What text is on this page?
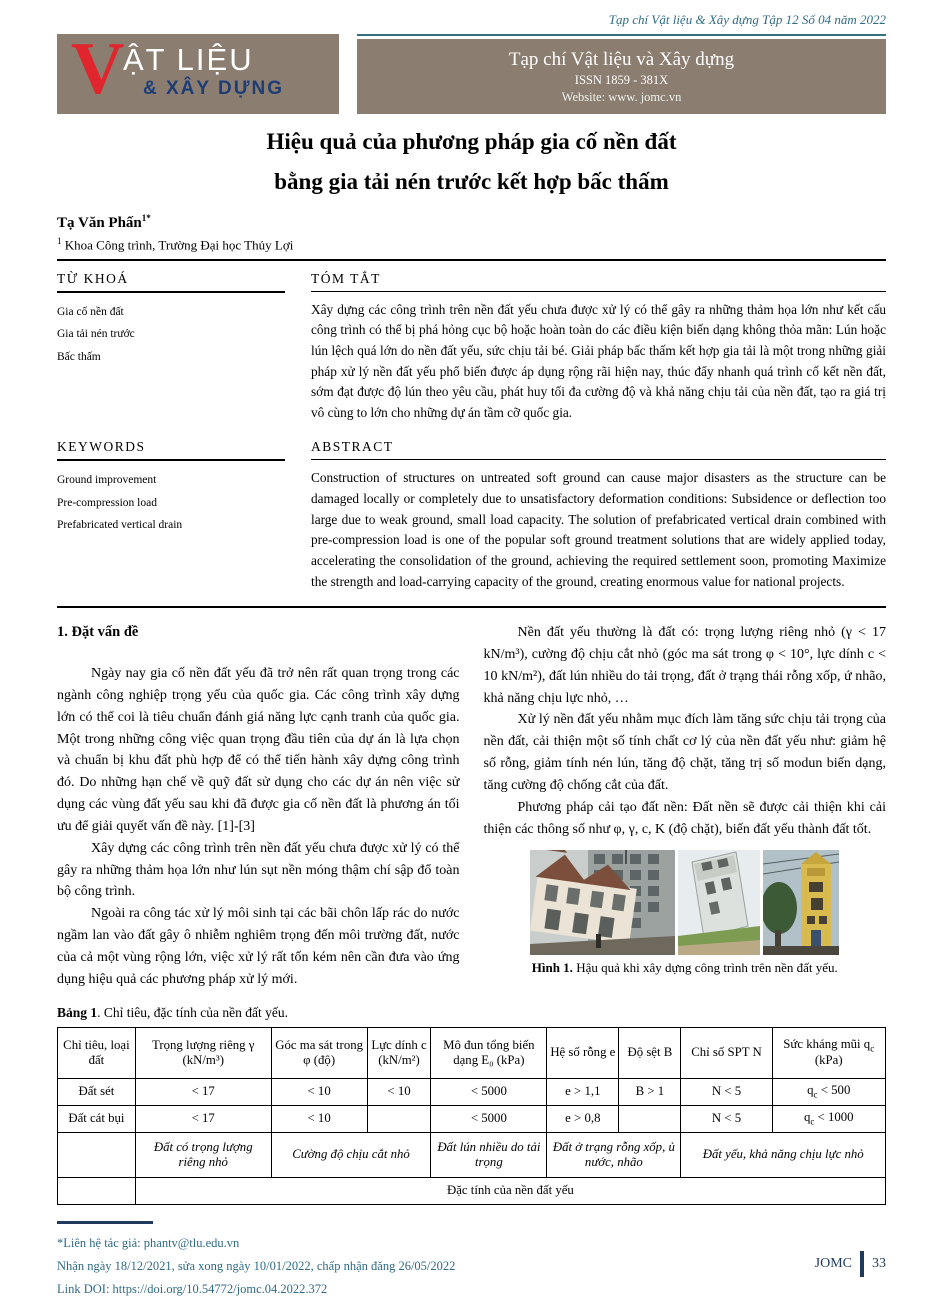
Tạp chí Vật liệu & Xây dựng Tập 12 Số 04 năm 2022
V
ẬT LIỆU
& XÂY DỰNG
Tạp chí Vật liệu và Xây dựng
ISSN 1859 - 381X
Website: www. jomc.vn
Hiệu quả của phương pháp gia cố nền đất
bằng gia tải nén trước kết hợp bấc thấm
Tạ Văn Phấn$^{1*}$
$^1$ Khoa Công trình, Trường Đại học Thủy Lợi
TỪ KHOÁ
Gia cố nền đất
Gia tải nén trước
Bấc thấm
TÓM TẮT
Xây dựng các công trình trên nền đất yếu chưa được xử lý có thể gây ra những thảm họa lớn như kết cấu công trình có thể bị phá hỏng cục bộ hoặc hoàn toàn do các điều kiện biến dạng không thỏa mãn: Lún hoặc lún lệch quá lớn do nền đất yếu, sức chịu tải bé. Giải pháp bấc thấm kết hợp gia tải là một trong những giải pháp xử lý nền đất yếu phổ biến được áp dụng rộng rãi hiện nay, thúc đẩy nhanh quá trình cố kết nền đất, sớm đạt được độ lún theo yêu cầu, phát huy tối đa cường độ và khả năng chịu tải của nền đất, tạo ra giá trị vô cùng to lớn cho những dự án tầm cỡ quốc gia.
KEYWORDS
Ground improvement
Pre-compression load
Prefabricated vertical drain
ABSTRACT
Construction of structures on untreated soft ground can cause major disasters as the structure can be damaged locally or completely due to unsatisfactory deformation conditions: Subsidence or deflection too large due to weak ground, small load capacity. The solution of prefabricated vertical drain combined with pre-compression load is one of the popular soft ground treatment solutions that are widely applied today, accelerating the consolidation of the ground, achieving the required settlement soon, promoting Maximize the strength and load-carrying capacity of the ground, creating enormous value for national projects.
1. Đặt vấn đề

Ngày nay gia cố nền đất yếu đã trở nên rất quan trọng trong các ngành công nghiệp trọng yếu của quốc gia. Các công trình xây dựng lớn có thể coi là tiêu chuẩn đánh giá năng lực cạnh tranh của quốc gia. Một trong những công việc quan trọng đầu tiên của dự án là lựa chọn và chuẩn bị khu đất phù hợp để có thể tiến hành xây dựng công trình đó. Do những hạn chế về quỹ đất sử dụng cho các dự án nên việc sử dụng các vùng đất yếu sau khi đã được gia cố nền đất là phương án tối ưu để giải quyết vấn đề này. [1]-[3]

Xây dựng các công trình trên nền đất yếu chưa được xử lý có thể gây ra những thảm họa lớn như lún sụt nền móng thậm chí sập đổ toàn bộ công trình.

Ngoài ra công tác xử lý môi sinh tại các bãi chôn lấp rác do nước ngầm lan vào đất gây ô nhiễm nghiêm trọng đến môi trường đất, nước của cả một vùng rộng lớn, việc xử lý rất tốn kém nên cần đưa vào ứng dụng hiệu quả các phương pháp xử lý mới.

Nền đất yếu thường là đất có: trọng lượng riêng nhỏ (γ < 17 kN/m³), cường độ chịu cắt nhỏ (góc ma sát trong φ < 10°, lực dính c < 10 kN/m²), đất lún nhiều do tải trọng, đất ở trạng thái rỗng xốp, ứ nhão, khả năng chịu lực nhỏ, …

Xử lý nền đất yếu nhằm mục đích làm tăng sức chịu tải trọng của nền đất, cải thiện một số tính chất cơ lý của nền đất yếu như: giảm hệ số rỗng, giảm tính nén lún, tăng độ chặt, tăng trị số modun biến dạng, tăng cường độ chống cắt của đất.

Phương pháp cải tạo đất nền: Đất nền sẽ được cải thiện khi cải thiện các thông số như φ, γ, c, K (độ chặt), biến đất yếu thành đất tốt.

Hình 1. Hậu quả khi xây dựng công trình trên nền đất yếu.
Bảng 1. Chỉ tiêu, đặc tính của nền đất yếu.
Chỉ tiêu, loại đất	Trọng lượng riêng γ (kN/m³)	Góc ma sát trong φ (độ)	Lực dính c (kN/m²)	Mô đun tổng biến dạng E₀ (kPa)	Hệ số rỗng e	Độ sệt B	Chỉ số SPT N	Sức kháng mũi $q_c$ (kPa)
Đất sét	< 17	< 10	< 10	< 5000	e > 1,1	B > 1	N < 5	$q_c < 500$
Đất cát bụi	< 17	< 10		< 5000	e > 0,8		N < 5	$q_c < 1000$
	Đất có trọng lượng riêng nhỏ	Cường độ chịu cắt nhỏ		Đất lún nhiều do tải trọng	Đất ở trạng rỗng xốp, ủ nước, nhão		Đất yếu, khả năng chịu lực nhỏ	
	Đặc tính của nền đất yếu							
*Liên hệ tác giả: phantv@tlu.edu.vn
Nhận ngày 18/12/2021, sửa xong ngày 10/01/2022, chấp nhận đăng 26/05/2022
Link DOI: https://doi.org/10.54772/jomc.04.2022.372
JOMC 33
